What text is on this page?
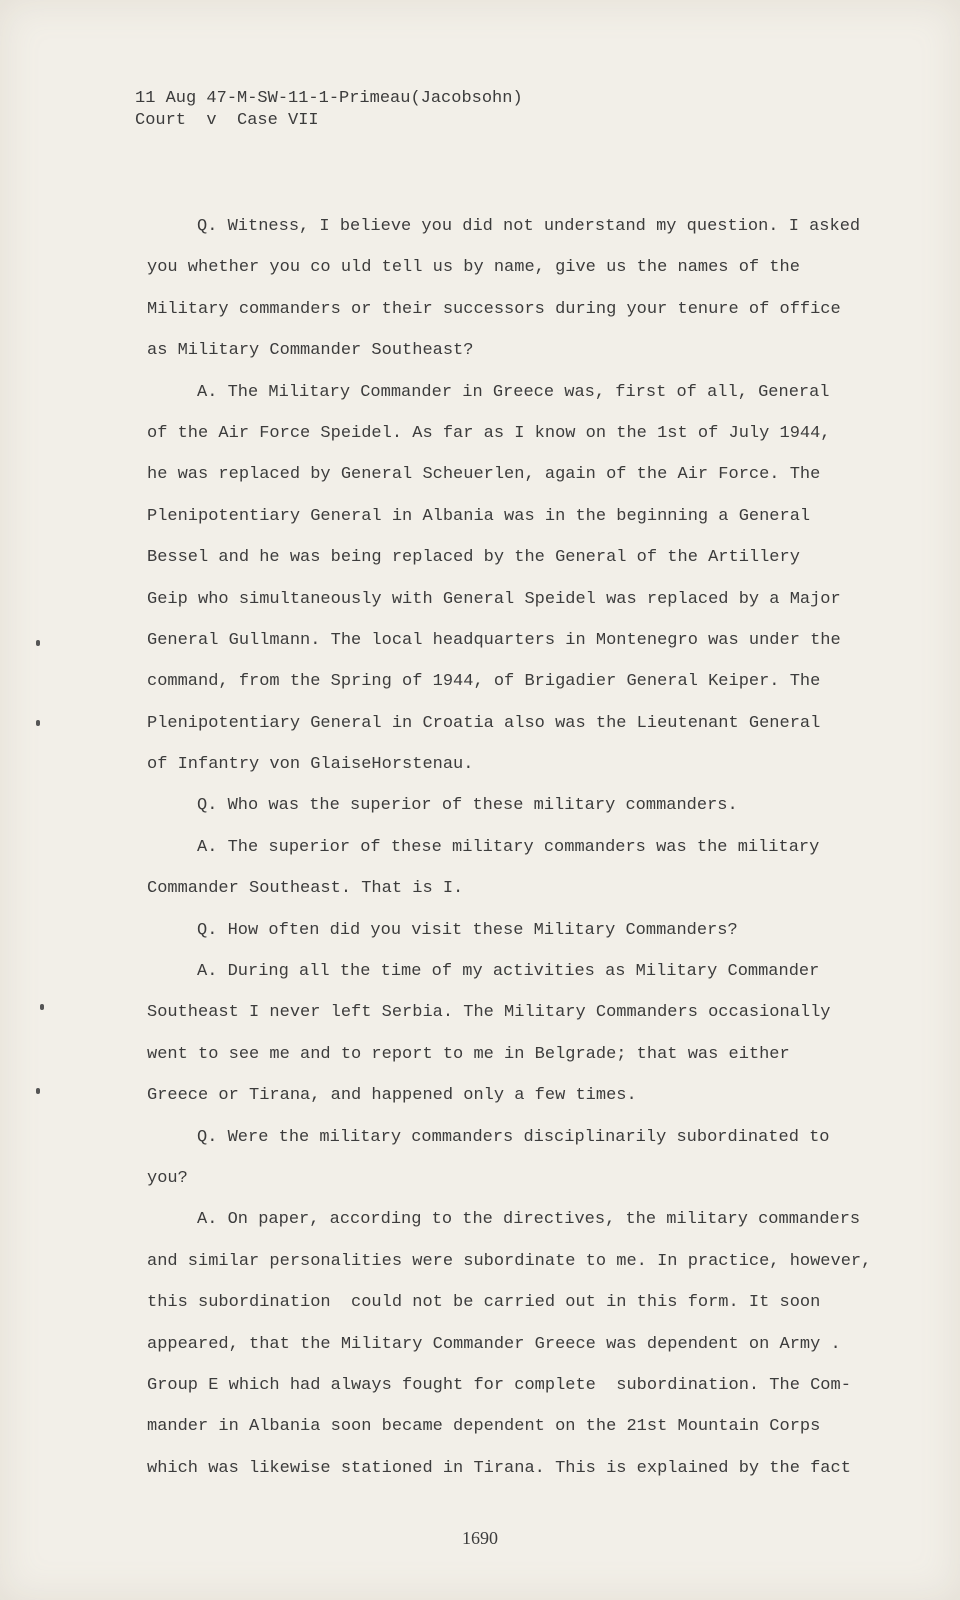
11 Aug 47-M-SW-11-1-Primeau(Jacobsohn)
Court  v  Case VII
Q. Witness, I believe you did not understand my question. I asked
you whether you co uld tell us by name, give us the names of the
Military commanders or their successors during your tenure of office
as Military Commander Southeast?
A. The Military Commander in Greece was, first of all, General
of the Air Force Speidel. As far as I know on the 1st of July 1944,
he was replaced by General Scheuerlen, again of the Air Force. The
Plenipotentiary General in Albania was in the beginning a General
Bessel and he was being replaced by the General of the Artillery
Geip who simultaneously with General Speidel was replaced by a Major
General Gullmann. The local headquarters in Montenegro was under the
command, from the Spring of 1944, of Brigadier General Keiper. The
Plenipotentiary General in Croatia also was the Lieutenant General
of Infantry von GlaiseHorstenau.
Q. Who was the superior of these military commanders.
A. The superior of these military commanders was the military
Commander Southeast. That is I.
Q. How often did you visit these Military Commanders?
A. During all the time of my activities as Military Commander
Southeast I never left Serbia. The Military Commanders occasionally
went to see me and to report to me in Belgrade; that was either
Greece or Tirana, and happened only a few times.
Q. Were the military commanders disciplinarily subordinated to
you?
A. On paper, according to the directives, the military commanders
and similar personalities were subordinate to me. In practice, however,
this subordination  could not be carried out in this form. It soon
appeared, that the Military Commander Greece was dependent on Army .
Group E which had always fought for complete  subordination. The Com-
mander in Albania soon became dependent on the 21st Mountain Corps
which was likewise stationed in Tirana. This is explained by the fact
1690
